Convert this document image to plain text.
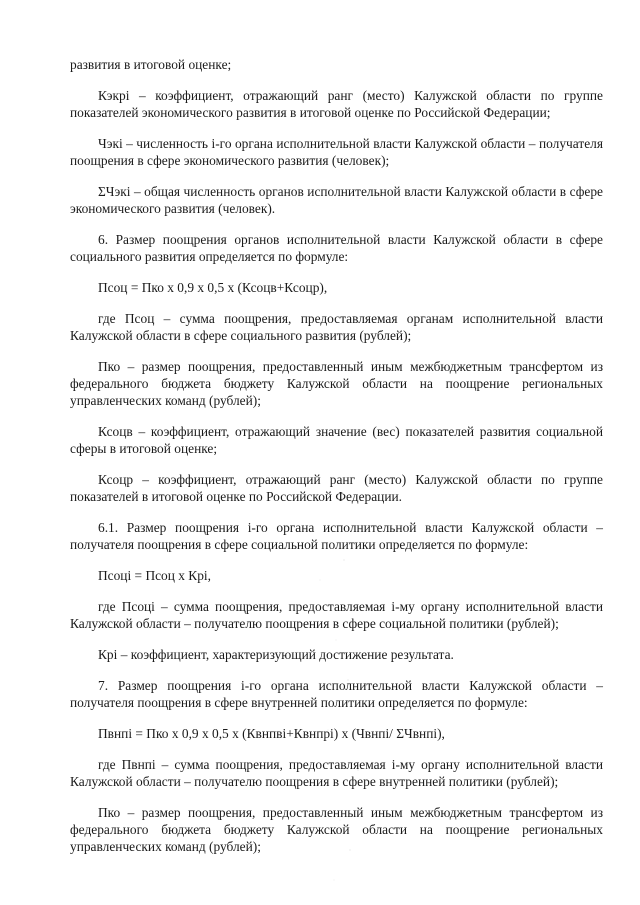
развития в итоговой оценке;

Кэкрі – коэффициент, отражающий ранг (место) Калужской области по группе показателей экономического развития в итоговой оценке по Российской Федерации;

Чэкі – численность і-го органа исполнительной власти Калужской области – получателя поощрения в сфере экономического развития (человек);

ΣЧэкі – общая численность органов исполнительной власти Калужской области в сфере экономического развития (человек).

6. Размер поощрения органов исполнительной власти Калужской области в сфере социального развития определяется по формуле:

Псоц = Пко х 0,9 х 0,5 х (Ксоцв+Ксоцр),

где Псоц – сумма поощрения, предоставляемая органам исполнительной власти Калужской области в сфере социального развития (рублей);

Пко – размер поощрения, предоставленный иным межбюджетным трансфертом из федерального бюджета бюджету Калужской области на поощрение региональных управленческих команд (рублей);

Ксоцв – коэффициент, отражающий значение (вес) показателей развития социальной сферы в итоговой оценке;

Ксоцр – коэффициент, отражающий ранг (место) Калужской области по группе показателей в итоговой оценке по Российской Федерации.

6.1. Размер поощрения і-го органа исполнительной власти Калужской области – получателя поощрения в сфере социальной политики определяется по формуле:

Псоці = Псоц х Крі,

где Псоці – сумма поощрения, предоставляемая і-му органу исполнительной власти Калужской области – получателю поощрения в сфере социальной политики (рублей);

Крі – коэффициент, характеризующий достижение результата.

7. Размер поощрения і-го органа исполнительной власти Калужской области – получателя поощрения в сфере внутренней политики определяется по формуле:

Пвнпі = Пко х 0,9 х 0,5 х (Квнпві+Квнпрі) х (Чвнпі/ ΣЧвнпі),

где Пвнпі – сумма поощрения, предоставляемая і-му органу исполнительной власти Калужской области – получателю поощрения в сфере внутренней политики (рублей);

Пко – размер поощрения, предоставленный иным межбюджетным трансфертом из федерального бюджета бюджету Калужской области на поощрение региональных управленческих команд (рублей);
